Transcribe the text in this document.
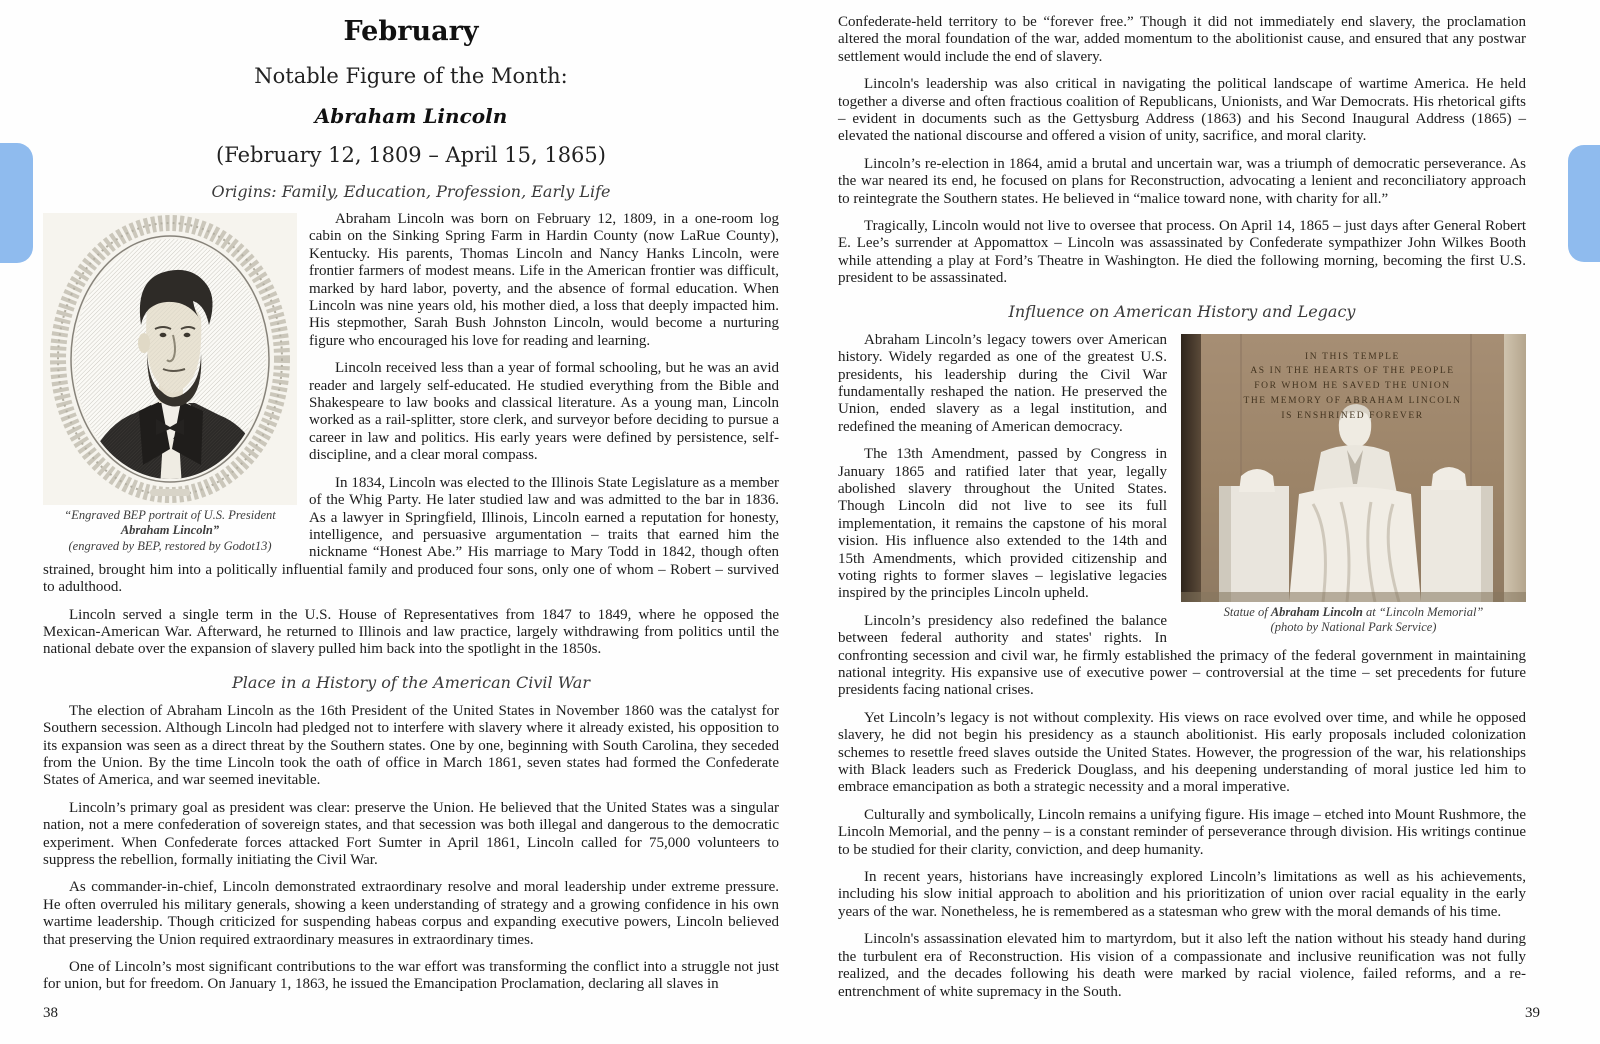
February
Notable Figure of the Month:
Abraham Lincoln
(February 12, 1809 – April 15, 1865)
Origins: Family, Education, Profession, Early Life
“Engraved BEP portrait of U.S. President
Abraham Lincoln”
(engraved by BEP, restored by Godot13)

Abraham Lincoln was born on February 12, 1809, in a one-room log cabin on the Sinking Spring Farm in Hardin County (now LaRue County), Kentucky. His parents, Thomas Lincoln and Nancy Hanks Lincoln, were frontier farmers of modest means. Life in the American frontier was difficult, marked by hard labor, poverty, and the absence of formal education. When Lincoln was nine years old, his mother died, a loss that deeply impacted him. His stepmother, Sarah Bush Johnston Lincoln, would become a nurturing figure who encouraged his love for reading and learning.

Lincoln received less than a year of formal schooling, but he was an avid reader and largely self-educated. He studied everything from the Bible and Shakespeare to law books and classical literature. As a young man, Lincoln worked as a rail-splitter, store clerk, and surveyor before deciding to pursue a career in law and politics. His early years were defined by persistence, self-discipline, and a clear moral compass.

In 1834, Lincoln was elected to the Illinois State Legislature as a member of the Whig Party. He later studied law and was admitted to the bar in 1836. As a lawyer in Springfield, Illinois, Lincoln earned a reputation for honesty, intelligence, and persuasive argumentation – traits that earned him the nickname “Honest Abe.” His marriage to Mary Todd in 1842, though often strained, brought him into a politically influential family and produced four sons, only one of whom – Robert – survived to adulthood.

Lincoln served a single term in the U.S. House of Representatives from 1847 to 1849, where he opposed the Mexican-American War. Afterward, he returned to Illinois and law practice, largely withdrawing from politics until the national debate over the expansion of slavery pulled him back into the spotlight in the 1850s.

Place in a History of the American Civil War

The election of Abraham Lincoln as the 16th President of the United States in November 1860 was the catalyst for Southern secession. Although Lincoln had pledged not to interfere with slavery where it already existed, his opposition to its expansion was seen as a direct threat by the Southern states. One by one, beginning with South Carolina, they seceded from the Union. By the time Lincoln took the oath of office in March 1861, seven states had formed the Confederate States of America, and war seemed inevitable.

Lincoln’s primary goal as president was clear: preserve the Union. He believed that the United States was a singular nation, not a mere confederation of sovereign states, and that secession was both illegal and dangerous to the democratic experiment. When Confederate forces attacked Fort Sumter in April 1861, Lincoln called for 75,000 volunteers to suppress the rebellion, formally initiating the Civil War.

As commander-in-chief, Lincoln demonstrated extraordinary resolve and moral leadership under extreme pressure. He often overruled his military generals, showing a keen understanding of strategy and a growing confidence in his own wartime leadership. Though criticized for suspending habeas corpus and expanding executive powers, Lincoln believed that preserving the Union required extraordinary measures in extraordinary times.

One of Lincoln’s most significant contributions to the war effort was transforming the conflict into a struggle not just for union, but for freedom. On January 1, 1863, he issued the Emancipation Proclamation, declaring all slaves in

Confederate-held territory to be “forever free.” Though it did not immediately end slavery, the proclamation altered the moral foundation of the war, added momentum to the abolitionist cause, and ensured that any postwar settlement would include the end of slavery.

Lincoln's leadership was also critical in navigating the political landscape of wartime America. He held together a diverse and often fractious coalition of Republicans, Unionists, and War Democrats. His rhetorical gifts – evident in documents such as the Gettysburg Address (1863) and his Second Inaugural Address (1865) – elevated the national discourse and offered a vision of unity, sacrifice, and moral clarity.

Lincoln’s re-election in 1864, amid a brutal and uncertain war, was a triumph of democratic perseverance. As the war neared its end, he focused on plans for Reconstruction, advocating a lenient and reconciliatory approach to reintegrate the Southern states. He believed in “malice toward none, with charity for all.”

Tragically, Lincoln would not live to oversee that process. On April 14, 1865 – just days after General Robert E. Lee’s surrender at Appomattox – Lincoln was assassinated by Confederate sympathizer John Wilkes Booth while attending a play at Ford’s Theatre in Washington. He died the following morning, becoming the first U.S. president to be assassinated.

Influence on American History and Legacy
IN THIS TEMPLE
AS IN THE HEARTS OF THE PEOPLE
FOR WHOM HE SAVED THE UNION
THE MEMORY OF ABRAHAM LINCOLN
IS ENSHRINED FOREVER
Statue of Abraham Lincoln at “Lincoln Memorial”
(photo by National Park Service)

Abraham Lincoln’s legacy towers over American history. Widely regarded as one of the greatest U.S. presidents, his leadership during the Civil War fundamentally reshaped the nation. He preserved the Union, ended slavery as a legal institution, and redefined the meaning of American democracy.

The 13th Amendment, passed by Congress in January 1865 and ratified later that year, legally abolished slavery throughout the United States. Though Lincoln did not live to see its full implementation, it remains the capstone of his moral vision. His influence also extended to the 14th and 15th Amendments, which provided citizenship and voting rights to former slaves – legislative legacies inspired by the principles Lincoln upheld.

Lincoln’s presidency also redefined the balance between federal authority and states' rights. In confronting secession and civil war, he firmly established the primacy of the federal government in maintaining national integrity. His expansive use of executive power – controversial at the time – set precedents for future presidents facing national crises.

Yet Lincoln’s legacy is not without complexity. His views on race evolved over time, and while he opposed slavery, he did not begin his presidency as a staunch abolitionist. His early proposals included colonization schemes to resettle freed slaves outside the United States. However, the progression of the war, his relationships with Black leaders such as Frederick Douglass, and his deepening understanding of moral justice led him to embrace emancipation as both a strategic necessity and a moral imperative.

Culturally and symbolically, Lincoln remains a unifying figure. His image – etched into Mount Rushmore, the Lincoln Memorial, and the penny – is a constant reminder of perseverance through division. His writings continue to be studied for their clarity, conviction, and deep humanity.

In recent years, historians have increasingly explored Lincoln’s limitations as well as his achievements, including his slow initial approach to abolition and his prioritization of union over racial equality in the early years of the war. Nonetheless, he is remembered as a statesman who grew with the moral demands of his time.

Lincoln's assassination elevated him to martyrdom, but it also left the nation without his steady hand during the turbulent era of Reconstruction. His vision of a compassionate and inclusive reunification was not fully realized, and the decades following his death were marked by racial violence, failed reforms, and a re-entrenchment of white supremacy in the South.

38	39
